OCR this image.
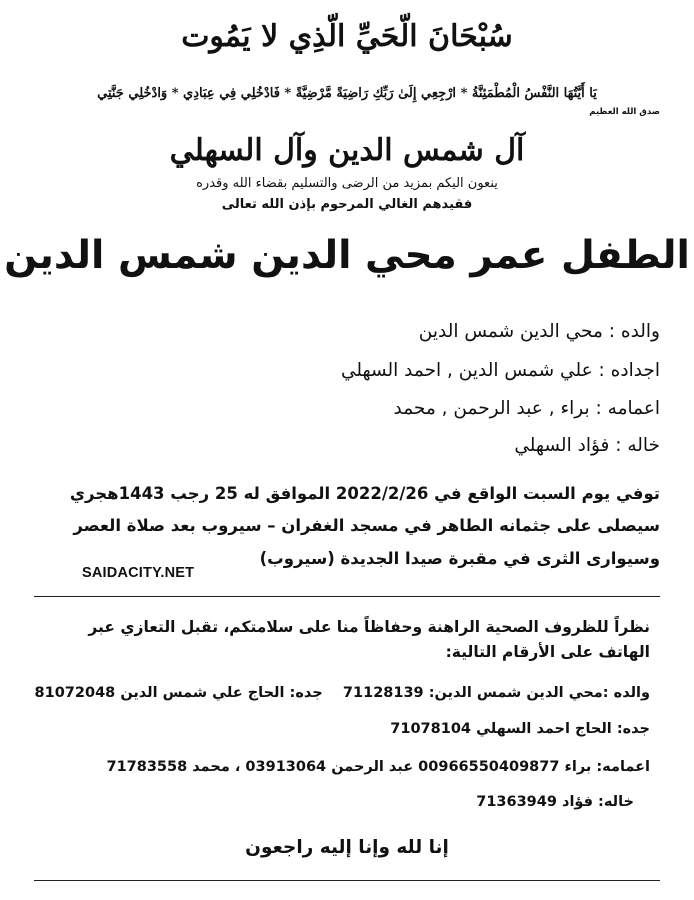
سُبْحَانَ الّحَيِّ الّذِي لا يَمُوت

يَا أَيَّتُهَا النَّفْسُ الْمُطْمَئِنَّةُ * ارْجِعِي إِلَىٰ رَبِّكِ رَاضِيَةً مَّرْضِيَّةً * فَادْخُلِي فِي عِبَادِي * وَادْخُلِي جَنَّتِي

صدق الله العظيم

آل شمس الدين وآل السهلي

ينعون اليكم بمزيد من الرضى والتسليم بقضاء الله وقدره

فقيدهم الغالي المرحوم بإذن الله تعالى

الطفل عمر محي الدين شمس الدين

والده : محي الدين شمس الدين

اجداده : علي شمس الدين , احمد السهلي

اعمامه : براء , عبد الرحمن , محمد

خاله : فؤاد السهلي

توفي يوم السبت الواقع في 2022/2/26 الموافق له 25 رجب 1443هجري

سيصلى على جثمانه الطاهر في مسجد الغفران – سيروب بعد صلاة العصر

وسيوارى الثرى في مقبرة صيدا الجديدة (سيروب)

SAIDACITY.NET

نظراً للظروف الصحية الراهنة وحفاظاً منا على سلامتكم، تقبل التعازي عبر

الهاتف على الأرقام التالية:

والده :محي الدين شمس الدين: 71128139    جده: الحاج علي شمس الدين 81072048

جده: الحاج احمد السهلي 71078104

اعمامه: براء 00966550409877 عبد الرحمن 03913064 ، محمد 71783558

خاله: فؤاد 71363949

إنا لله وإنا إليه راجعون
